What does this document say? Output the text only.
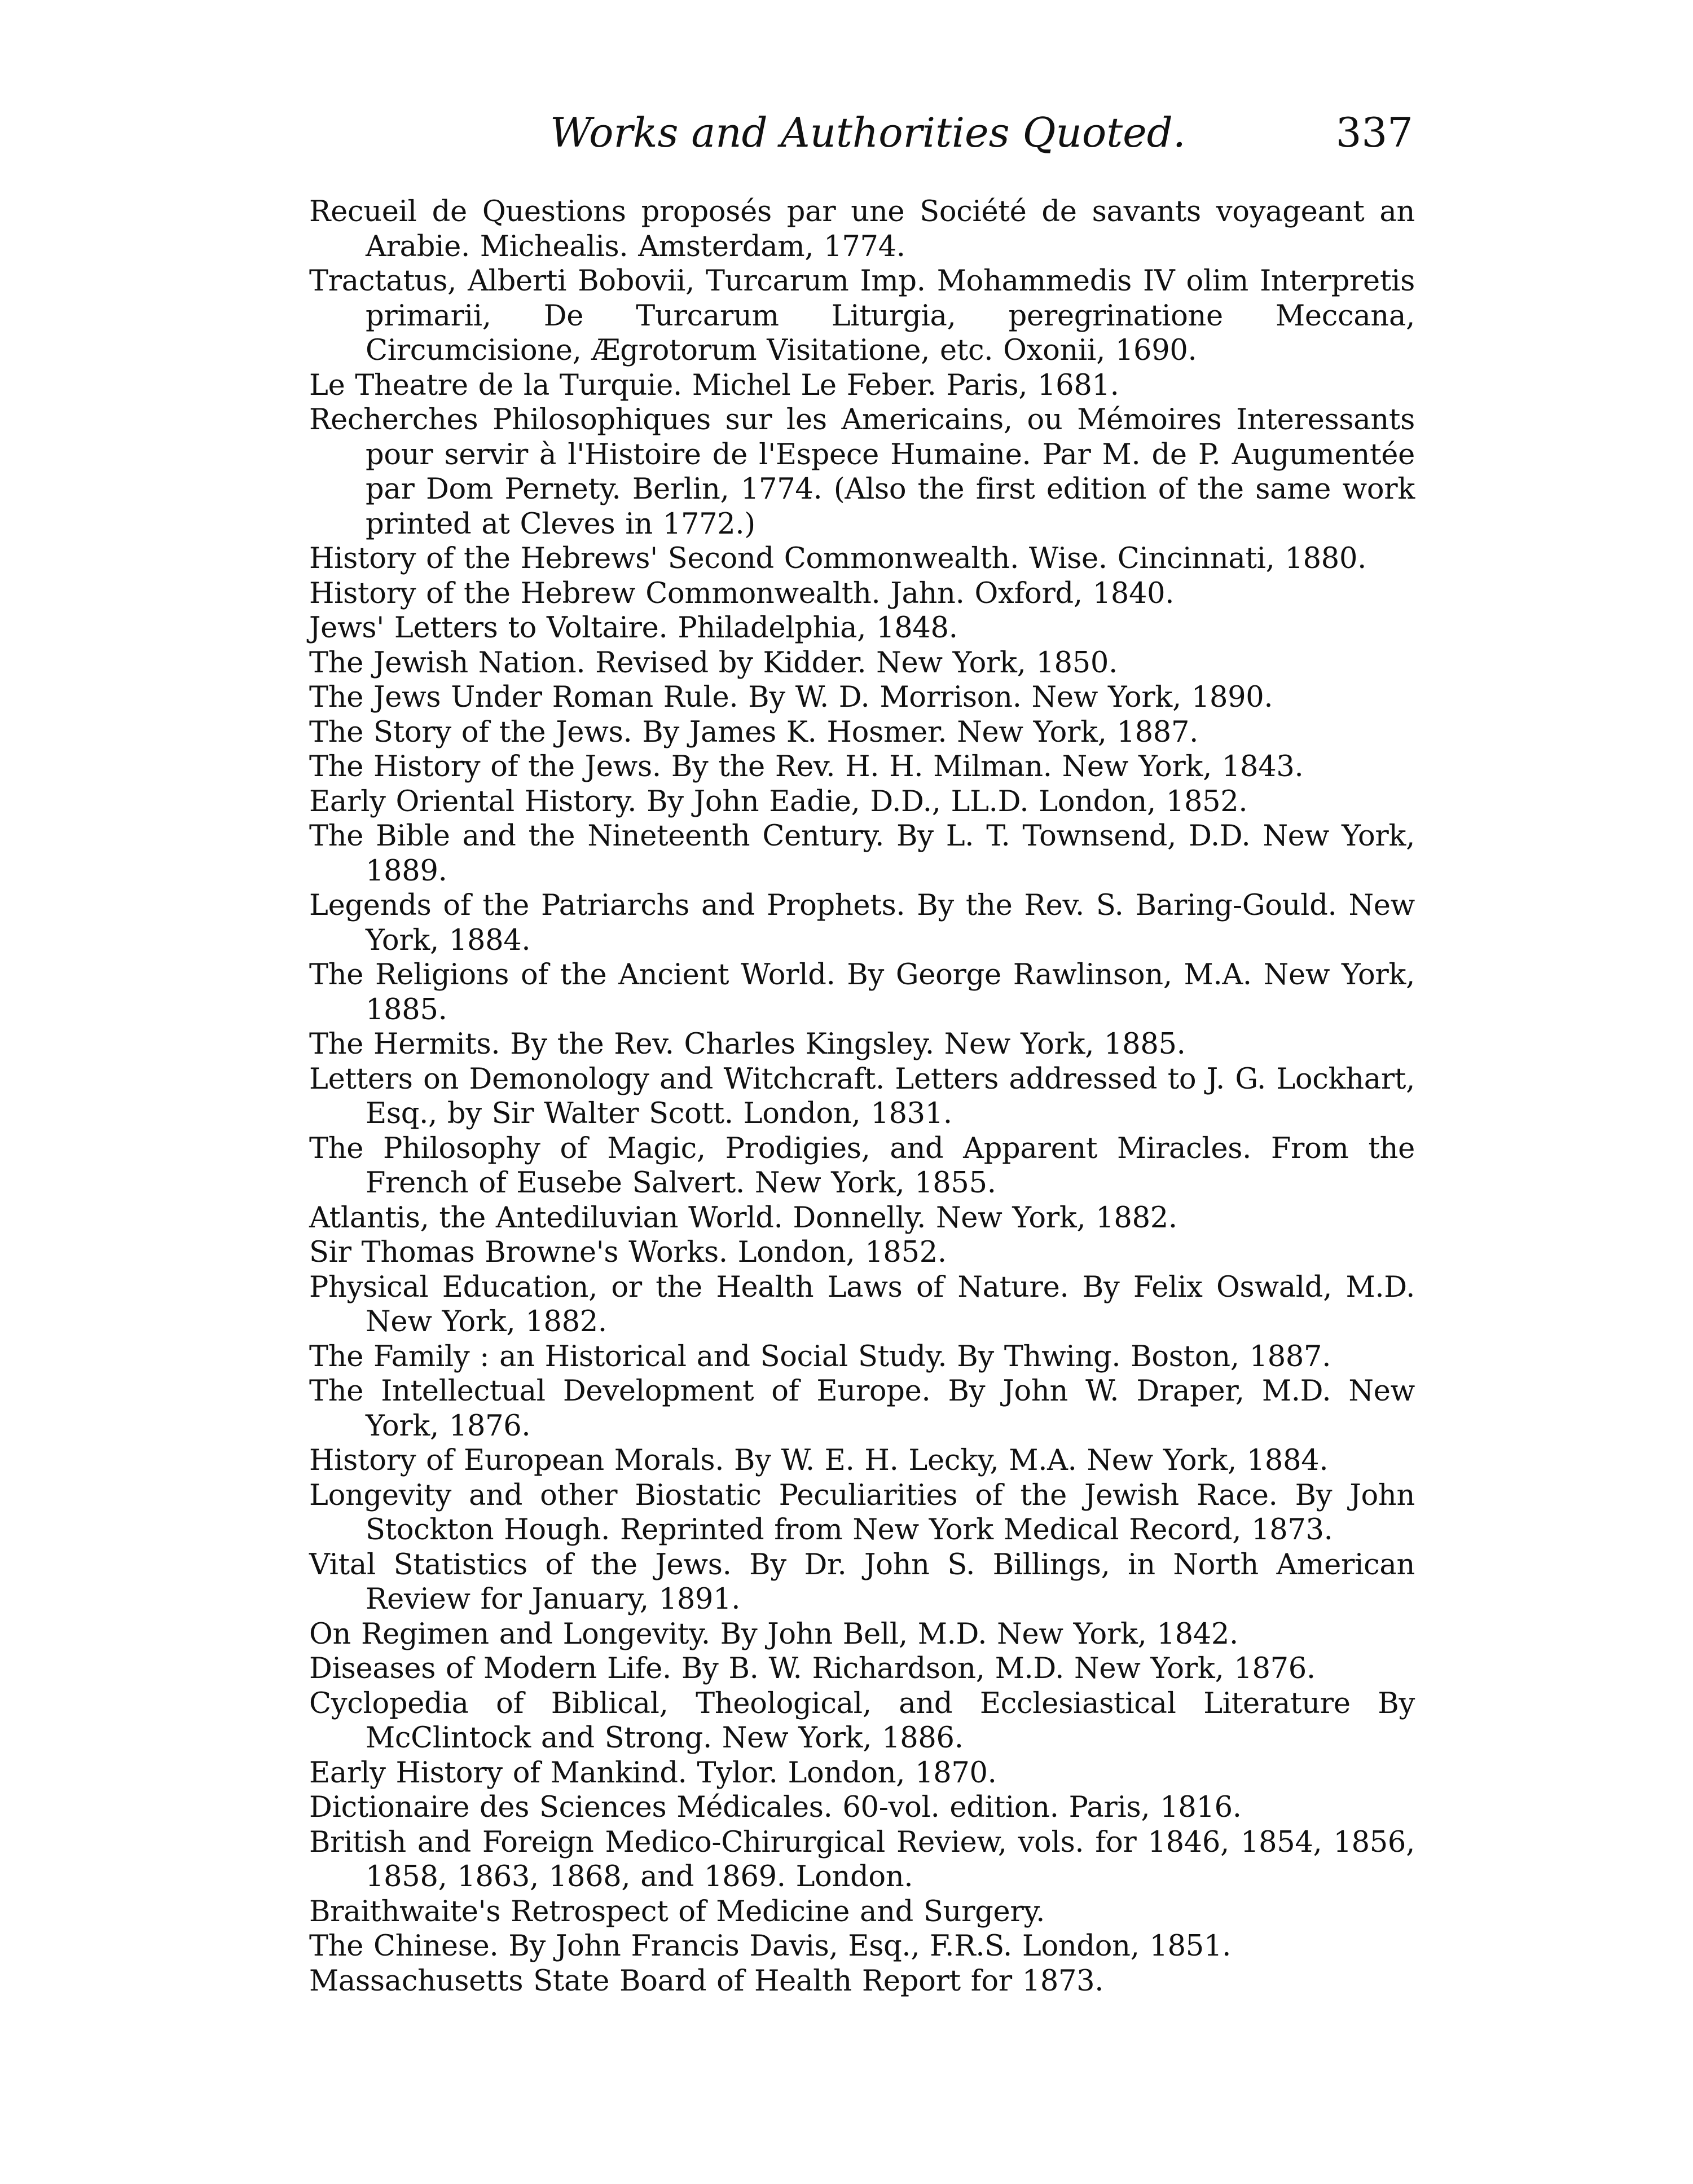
Works and Authorities Quoted.	337
Recueil de Questions proposés par une Société de savants voyageant an Arabie. Michealis. Amsterdam, 1774.
Tractatus, Alberti Bobovii, Turcarum Imp. Mohammedis IV olim Interpretis primarii, De Turcarum Liturgia, peregrinatione Meccana, Circumcisione, Ægrotorum Visitatione, etc. Oxonii, 1690.
Le Theatre de la Turquie. Michel Le Feber. Paris, 1681.
Recherches Philosophiques sur les Americains, ou Mémoires Interessants pour servir à l'Histoire de l'Espece Humaine. Par M. de P. Augumentée par Dom Pernety. Berlin, 1774. (Also the first edition of the same work printed at Cleves in 1772.)
History of the Hebrews' Second Commonwealth. Wise. Cincinnati, 1880.
History of the Hebrew Commonwealth. Jahn. Oxford, 1840.
Jews' Letters to Voltaire. Philadelphia, 1848.
The Jewish Nation. Revised by Kidder. New York, 1850.
The Jews Under Roman Rule. By W. D. Morrison. New York, 1890.
The Story of the Jews. By James K. Hosmer. New York, 1887.
The History of the Jews. By the Rev. H. H. Milman. New York, 1843.
Early Oriental History. By John Eadie, D.D., LL.D. London, 1852.
The Bible and the Nineteenth Century. By L. T. Townsend, D.D. New York, 1889.
Legends of the Patriarchs and Prophets. By the Rev. S. Baring-Gould. New York, 1884.
The Religions of the Ancient World. By George Rawlinson, M.A. New York, 1885.
The Hermits. By the Rev. Charles Kingsley. New York, 1885.
Letters on Demonology and Witchcraft. Letters addressed to J. G. Lockhart, Esq., by Sir Walter Scott. London, 1831.
The Philosophy of Magic, Prodigies, and Apparent Miracles. From the French of Eusebe Salvert. New York, 1855.
Atlantis, the Antediluvian World. Donnelly. New York, 1882.
Sir Thomas Browne's Works. London, 1852.
Physical Education, or the Health Laws of Nature. By Felix Oswald, M.D. New York, 1882.
The Family : an Historical and Social Study. By Thwing. Boston, 1887.
The Intellectual Development of Europe. By John W. Draper, M.D. New York, 1876.
History of European Morals. By W. E. H. Lecky, M.A. New York, 1884.
Longevity and other Biostatic Peculiarities of the Jewish Race. By John Stockton Hough. Reprinted from New York Medical Record, 1873.
Vital Statistics of the Jews. By Dr. John S. Billings, in North American Review for January, 1891.
On Regimen and Longevity. By John Bell, M.D. New York, 1842.
Diseases of Modern Life. By B. W. Richardson, M.D. New York, 1876.
Cyclopedia of Biblical, Theological, and Ecclesiastical Literature By McClintock and Strong. New York, 1886.
Early History of Mankind. Tylor. London, 1870.
Dictionaire des Sciences Médicales. 60-vol. edition. Paris, 1816.
British and Foreign Medico-Chirurgical Review, vols. for 1846, 1854, 1856, 1858, 1863, 1868, and 1869. London.
Braithwaite's Retrospect of Medicine and Surgery.
The Chinese. By John Francis Davis, Esq., F.R.S. London, 1851.
Massachusetts State Board of Health Report for 1873.
